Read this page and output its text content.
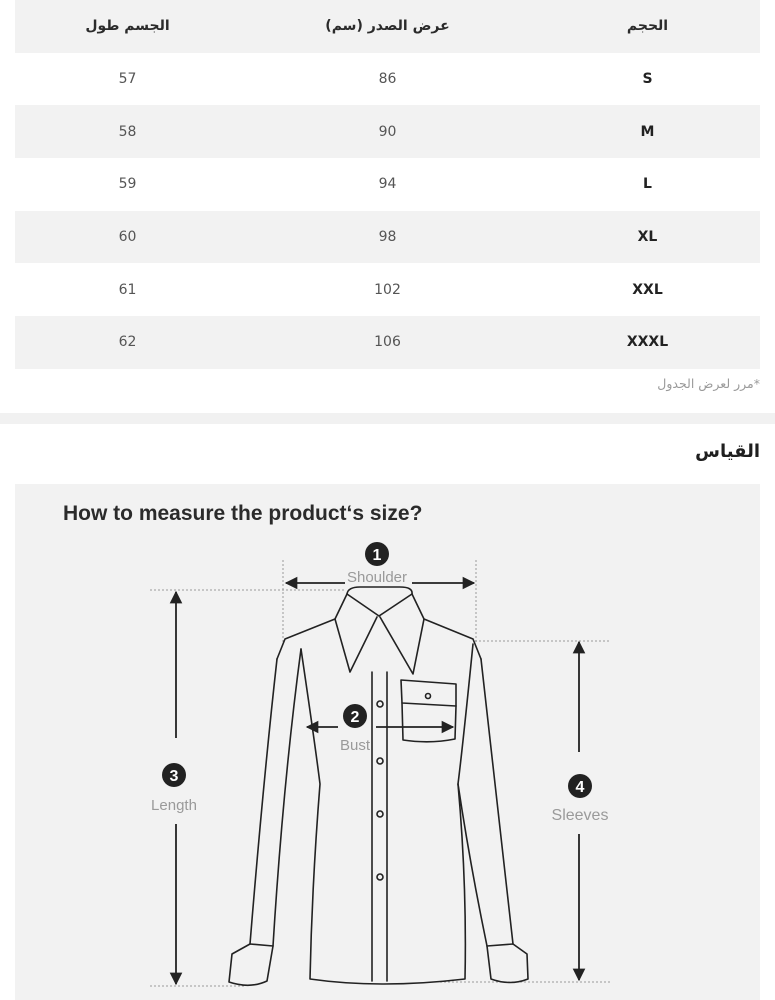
الحجم	عرض الصدر (سم)	الجسم طول
S	86	57
M	90	58
L	94	59
XL	98	60
XXL	102	61
XXXL	106	62
*مرر لعرض الجدول
القياس
How to measure the product‘s size?
1
Shoulder
2
Bust
3
Length
4
Sleeves
